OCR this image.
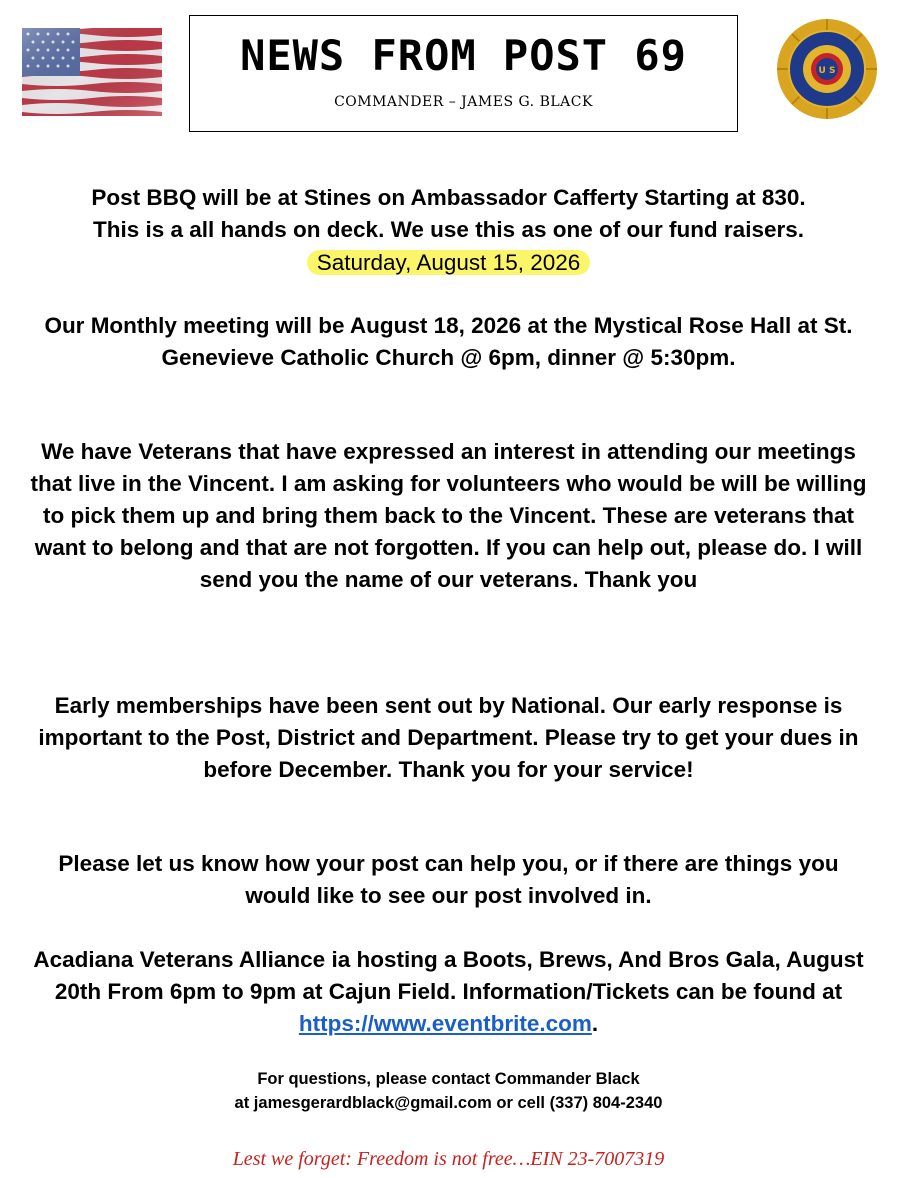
NEWS FROM POST 69
COMMANDER – JAMES G. BLACK
U S
Post BBQ will be at Stines on Ambassador Cafferty Starting at 830.
This is a all hands on deck. We use this as one of our fund raisers.
Saturday, August 15, 2026
Our Monthly meeting will be August 18, 2026 at the Mystical Rose Hall at St. Genevieve Catholic Church @ 6pm, dinner @ 5:30pm.
We have Veterans that have expressed an interest in attending our meetings that live in the Vincent. I am asking for volunteers who would be will be willing to pick them up and bring them back to the Vincent. These are veterans that want to belong and that are not forgotten. If you can help out, please do. I will send you the name of our veterans. Thank you
Early memberships have been sent out by National. Our early response is important to the Post, District and Department. Please try to get your dues in before December. Thank you for your service!
Please let us know how your post can help you, or if there are things you would like to see our post involved in.
Acadiana Veterans Alliance ia hosting a Boots, Brews, And Bros Gala, August 20th From 6pm to 9pm at Cajun Field. Information/Tickets can be found at https://www.eventbrite.com.
For questions, please contact Commander Black
at jamesgerardblack@gmail.com or cell (337) 804-2340
Lest we forget: Freedom is not free…EIN 23-7007319
